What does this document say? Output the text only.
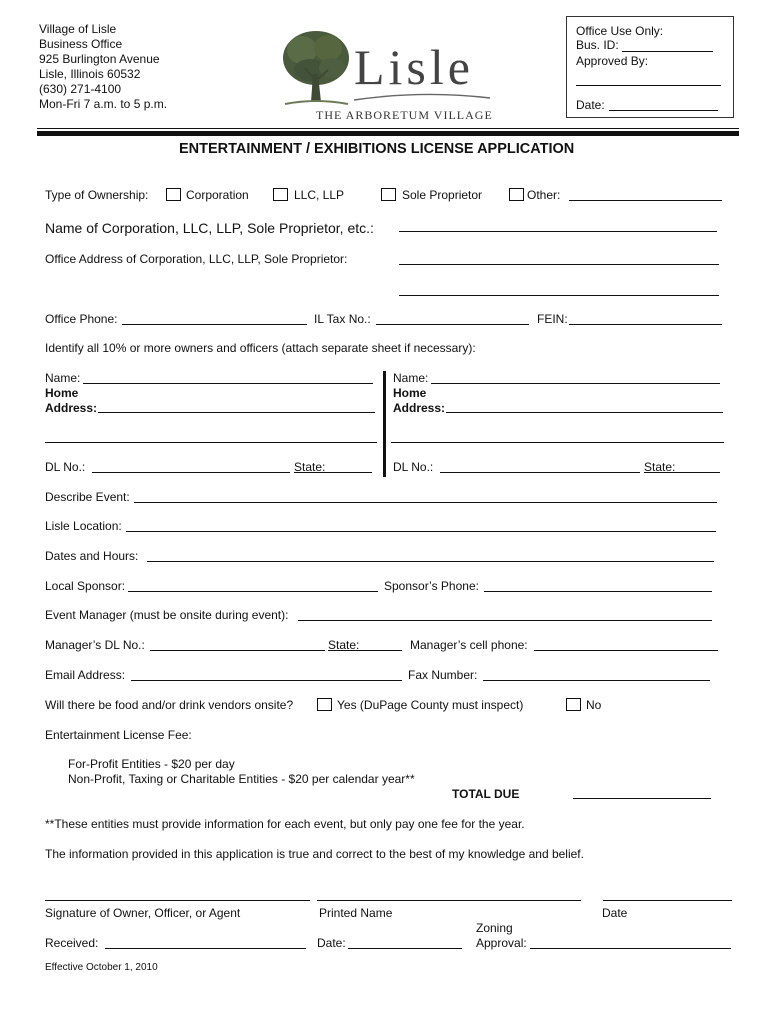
Village of Lisle
Business Office
925 Burlington Avenue
Lisle, Illinois 60532
(630) 271-4100
Mon-Fri 7 a.m. to 5 p.m.
Lisle
THE ARBORETUM VILLAGE
Office Use Only:
Bus. ID:
Approved By:
Date:
ENTERTAINMENT / EXHIBITIONS LICENSE APPLICATION
Type of Ownership:	Corporation	LLC, LLP	Sole Proprietor	Other:
Name of Corporation, LLC, LLP, Sole Proprietor, etc.:
Office Address of Corporation, LLC, LLP, Sole Proprietor:
Office Phone:	IL Tax No.:	FEIN:
Identify all 10% or more owners and officers (attach separate sheet if necessary):
Name:
Home
Address:
DL No.:	State:
Name:
Home
Address:
DL No.:	State:
Describe Event:
Lisle Location:
Dates and Hours:
Local Sponsor:	Sponsor’s Phone:
Event Manager (must be onsite during event):
Manager’s DL No.:	State:	Manager’s cell phone:
Email Address:	Fax Number:
Will there be food and/or drink vendors onsite?	Yes (DuPage County must inspect)	No
Entertainment License Fee:
For-Profit Entities - $20 per day
Non-Profit, Taxing or Charitable Entities - $20 per calendar year**
TOTAL DUE
**These entities must provide information for each event, but only pay one fee for the year.
The information provided in this application is true and correct to the best of my knowledge and belief.
Signature of Owner, Officer, or Agent	Printed Name	Date
Received:	Date:
Zoning
Approval:
Effective October 1, 2010
